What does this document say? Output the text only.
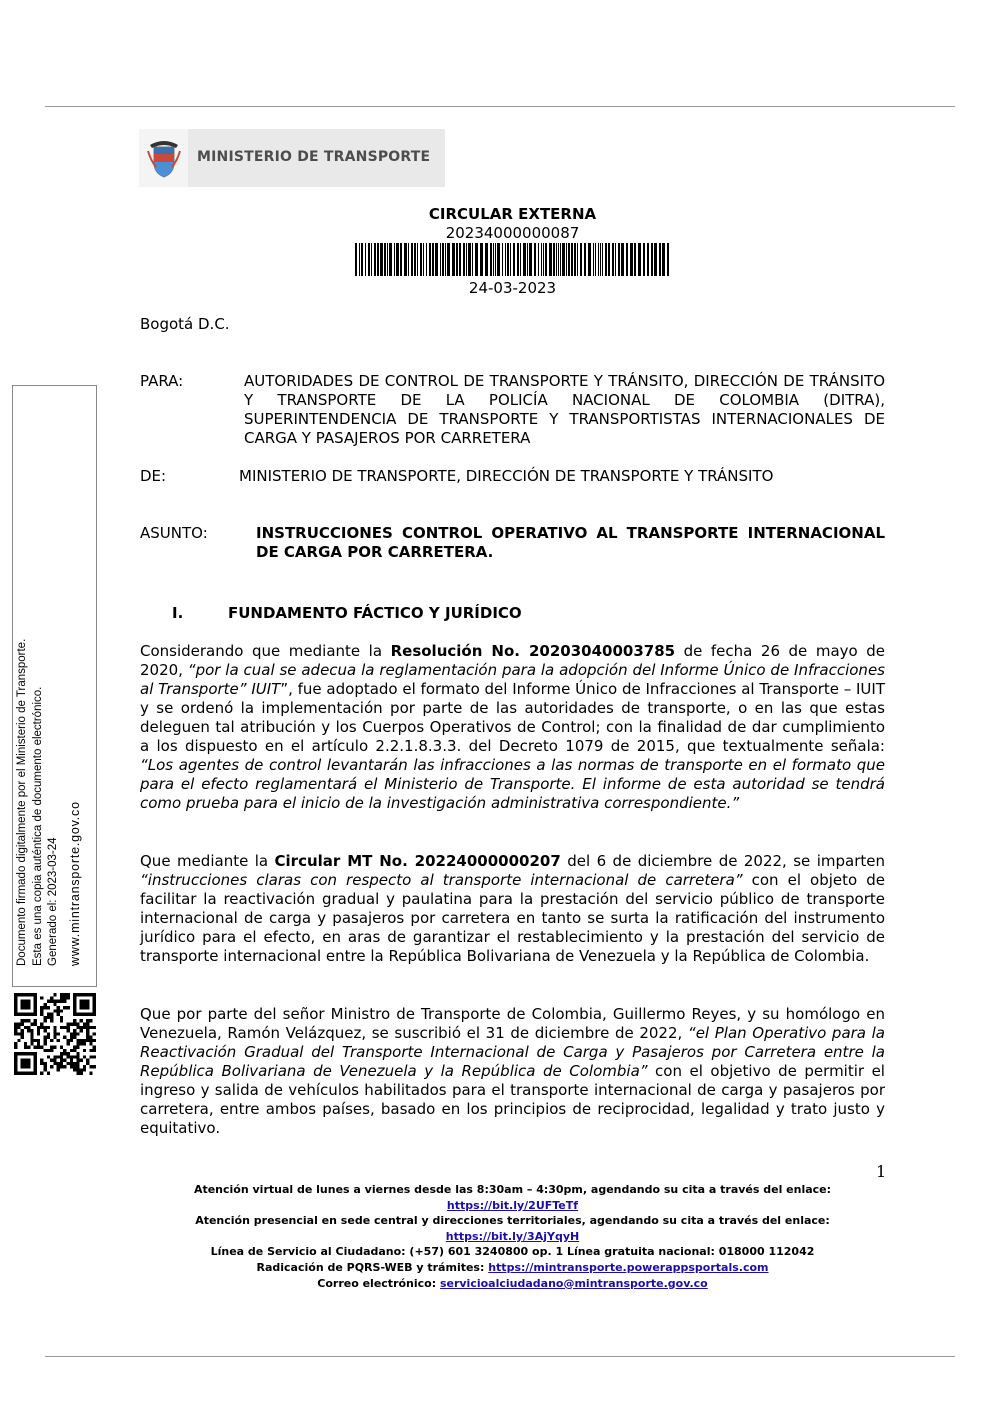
MINISTERIO DE TRANSPORTE
CIRCULAR EXTERNA
20234000000087
24-03-2023
Bogotá D.C.
PARA:	AUTORIDADES DE CONTROL DE TRANSPORTE Y TRÁNSITO, DIRECCIÓN DE TRÁNSITO Y TRANSPORTE DE LA POLICÍA NACIONAL DE COLOMBIA (DITRA), SUPERINTENDENCIA DE TRANSPORTE Y TRANSPORTISTAS INTERNACIONALES DE CARGA Y PASAJEROS POR CARRETERA
DE:	MINISTERIO DE TRANSPORTE, DIRECCIÓN DE TRANSPORTE Y TRÁNSITO
ASUNTO:	INSTRUCCIONES CONTROL OPERATIVO AL TRANSPORTE INTERNACIONAL DE CARGA POR CARRETERA.
I.	FUNDAMENTO FÁCTICO Y JURÍDICO
Considerando que mediante la Resolución No. 20203040003785 de fecha 26 de mayo de 2020, “por la cual se adecua la reglamentación para la adopción del Informe Único de Infracciones al Transporte” IUIT”, fue adoptado el formato del Informe Único de Infracciones al Transporte – IUIT y se ordenó la implementación por parte de las autoridades de transporte, o en las que estas deleguen tal atribución y los Cuerpos Operativos de Control; con la finalidad de dar cumplimiento a los dispuesto en el artículo 2.2.1.8.3.3. del Decreto 1079 de 2015, que textualmente señala: “Los agentes de control levantarán las infracciones a las normas de transporte en el formato que para el efecto reglamentará el Ministerio de Transporte. El informe de esta autoridad se tendrá como prueba para el inicio de la investigación administrativa correspondiente.”
Que mediante la Circular MT No. 20224000000207 del 6 de diciembre de 2022, se imparten “instrucciones claras con respecto al transporte internacional de carretera” con el objeto de facilitar la reactivación gradual y paulatina para la prestación del servicio público de transporte internacional de carga y pasajeros por carretera en tanto se surta la ratificación del instrumento jurídico para el efecto, en aras de garantizar el restablecimiento y la prestación del servicio de transporte internacional entre la República Bolivariana de Venezuela y la República de Colombia.
Que por parte del señor Ministro de Transporte de Colombia, Guillermo Reyes, y su homólogo en Venezuela, Ramón Velázquez, se suscribió el 31 de diciembre de 2022, “el Plan Operativo para la Reactivación Gradual del Transporte Internacional de Carga y Pasajeros por Carretera entre la República Bolivariana de Venezuela y la República de Colombia” con el objetivo de permitir el ingreso y salida de vehículos habilitados para el transporte internacional de carga y pasajeros por carretera, entre ambos países, basado en los principios de reciprocidad, legalidad y trato justo y equitativo.
1
Atención virtual de lunes a viernes desde las 8:30am – 4:30pm, agendando su cita a través del enlace:
https://bit.ly/2UFTeTf
Atención presencial en sede central y direcciones territoriales, agendando su cita a través del enlace:
https://bit.ly/3AjYqyH
Línea de Servicio al Ciudadano: (+57) 601 3240800 op. 1 Línea gratuita nacional: 018000 112042
Radicación de PQRS-WEB y trámites: https://mintransporte.powerappsportals.com
Correo electrónico: servicioalciudadano@mintransporte.gov.co
Documento firmado digitalmente por el Ministerio de Transporte. Esta es una copia auténtica de documento electrónico. Generado el: 2023-03-24 www.mintransporte.gov.co
